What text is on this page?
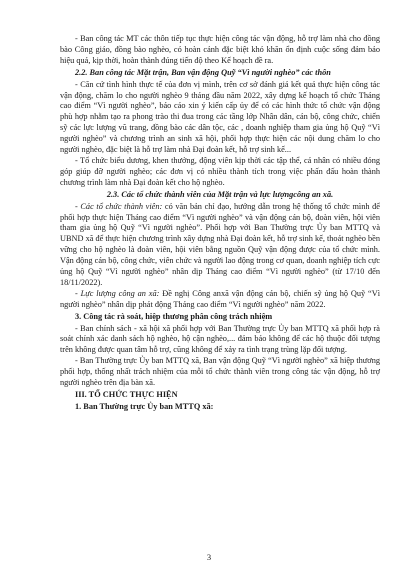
- Ban công tác MT các thôn tiếp tục thực hiện công tác vận động, hỗ trợ làm nhà cho đồng bào Công giáo, đồng bào nghèo, có hoàn cảnh đặc biệt khó khăn ổn định cuộc sống đảm bảo hiệu quả, kịp thời, hoàn thành đúng tiến độ theo Kế hoạch đề ra.

2.2. Ban công tác Mặt trận, Ban vận động Quỹ “Vì người nghèo” các thôn

- Căn cứ tình hình thực tế của đơn vị mình, trên cơ sở đánh giá kết quả thực hiện công tác vận động, chăm lo cho người nghèo 9 tháng đầu năm 2022, xây dựng kế hoạch tổ chức Tháng cao điểm “Vì người nghèo”, báo cáo xin ý kiến cấp ủy để có các hình thức tổ chức vận động phù hợp nhằm tạo ra phong trào thi đua trong các tầng lớp Nhân dân, cán bộ, công chức, chiến sỹ các lực lượng vũ trang, đồng bào các dân tộc, các , doanh nghiệp tham gia ủng hộ Quỹ “Vì người nghèo” và chương trình an sinh xã hội, phối hợp thực hiện các nội dung chăm lo cho người nghèo, đặc biệt là hỗ trợ làm nhà Đại đoàn kết, hỗ trợ sinh kế...

- Tổ chức biểu dương, khen thưởng, động viên kịp thời các tập thể, cá nhân có nhiều đóng góp giúp đỡ người nghèo; các đơn vị có nhiều thành tích trong việc phấn đấu hoàn thành chương trình làm nhà Đại đoàn kết cho hộ nghèo.

2.3. Các tổ chức thành viên của Mặt trận và lực lượngcông an xã.

- Các tổ chức thành viên: có văn bản chỉ đạo, hướng dẫn trong hệ thống tổ chức mình để phối hợp thực hiện Tháng cao điểm “Vì người nghèo” và vận động cán bộ, đoàn viên, hội viên tham gia ủng hộ Quỹ “Vì người nghèo”. Phối hợp với Ban Thường trực Ủy ban MTTQ và UBND xã để thực hiện chương trình xây dựng nhà Đại đoàn kết, hỗ trợ sinh kế, thoát nghèo bền vững cho hộ nghèo là đoàn viên, hội viên bằng nguồn Quỹ vận động được của tổ chức mình. Vận động cán bộ, công chức, viên chức và người lao động trong cơ quan, doanh nghiệp tích cực ủng hộ Quỹ “Vì người nghèo” nhân dịp Tháng cao điểm “Vì người nghèo” (từ 17/10 đến 18/11/2022).

- Lực lượng công an xã: Đề nghị Công anxã vận động cán bộ, chiến sỹ ủng hộ Quỹ “Vì người nghèo” nhân dịp phát động Tháng cao điểm “Vì người nghèo” năm 2022.

3. Công tác rà soát, hiệp thương phân công trách nhiệm

- Ban chính sách - xã hội xã phối hợp với Ban Thường trực Ủy ban MTTQ xã phối hợp rà soát chính xác danh sách hộ nghèo, hộ cận nghèo,... đảm bảo không để các hộ thuộc đối tượng trên không được quan tâm hỗ trợ, cũng không để xảy ra tình trạng trùng lặp đối tượng.

- Ban Thường trực Ủy ban MTTQ xã, Ban vận động Quỹ “Vì người nghèo” xã hiệp thương phối hợp, thống nhất trách nhiệm của mỗi tổ chức thành viên trong công tác vận động, hỗ trợ người nghèo trên địa bàn xã.

III. TỔ CHỨC THỰC HIỆN

1. Ban Thường trực Ủy ban MTTQ xã:

3
